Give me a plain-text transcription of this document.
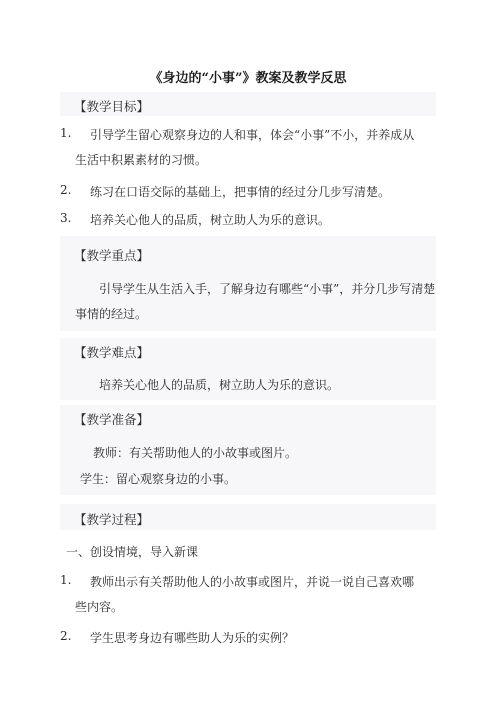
《身边的“小事”》教案及教学反思
【教学目标】
1. 引导学生留心观察身边的人和事，体会“小事”不小，并养成从
生活中积累素材的习惯。
2. 练习在口语交际的基础上，把事情的经过分几步写清楚。
3. 培养关心他人的品质，树立助人为乐的意识。
【教学重点】
引导学生从生活入手，了解身边有哪些“小事”，并分几步写清楚
事情的经过。
【教学难点】
培养关心他人的品质，树立助人为乐的意识。
【教学准备】
教师：有关帮助他人的小故事或图片。
学生：留心观察身边的小事。
【教学过程】
一、创设情境，导入新课
1. 教师出示有关帮助他人的小故事或图片，并说一说自己喜欢哪
些内容。
2. 学生思考身边有哪些助人为乐的实例？
